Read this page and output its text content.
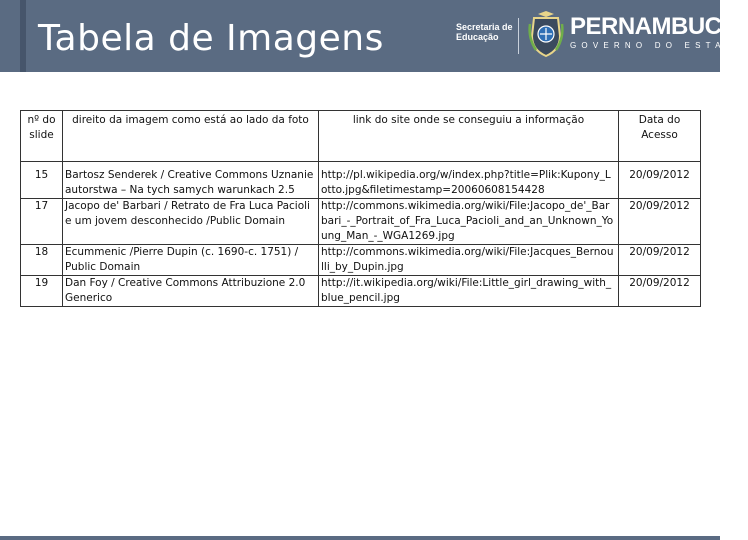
Tabela de Imagens	Secretaria de
Educação	PERNAMBUCO
GOVERNO DO ESTADO
nº do slide	direito da imagem como está ao lado da foto	link do site onde se conseguiu a informação	Data do Acesso
15	Bartosz Senderek / Creative Commons Uznanie autorstwa – Na tych samych warunkach 2.5	http://pl.wikipedia.org/w/index.php?title=Plik:Kupony_Lotto.jpg&filetimestamp=20060608154428	20/09/2012
17	Jacopo de' Barbari / Retrato de Fra Luca Pacioli e um jovem desconhecido /Public Domain	http://commons.wikimedia.org/wiki/File:Jacopo_de'_Barbari_-_Portrait_of_Fra_Luca_Pacioli_and_an_Unknown_Young_Man_-_WGA1269.jpg	20/09/2012
18	Ecummenic /Pierre Dupin (c. 1690-c. 1751) / Public Domain	http://commons.wikimedia.org/wiki/File:Jacques_Bernoulli_by_Dupin.jpg	20/09/2012
19	Dan Foy / Creative Commons Attribuzione 2.0 Generico	http://it.wikipedia.org/wiki/File:Little_girl_drawing_with_blue_pencil.jpg	20/09/2012
